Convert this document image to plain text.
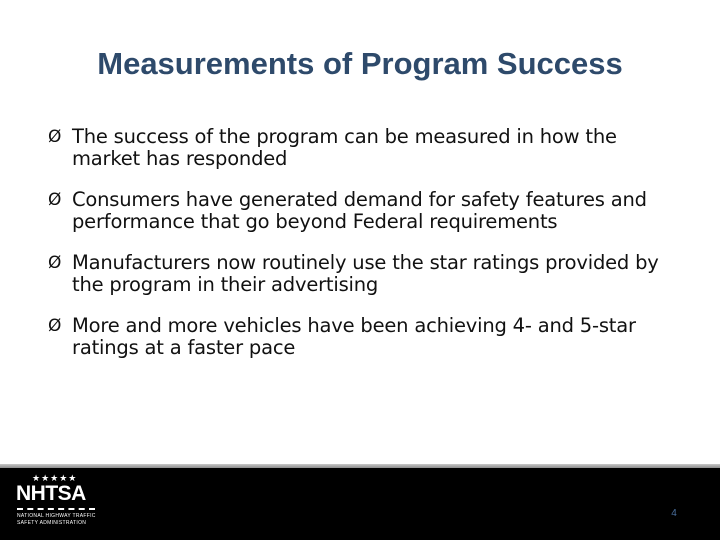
Measurements of Program Success
Ø The success of the program can be measured in how the market has responded
Ø Consumers have generated demand for safety features and performance that go beyond Federal requirements
Ø Manufacturers now routinely use the star ratings provided by the program in their advertising
Ø More and more vehicles have been achieving 4- and 5-star ratings at a faster pace
★★★★★
NHTSA
NATIONAL HIGHWAY TRAFFIC SAFETY ADMINISTRATION
4
